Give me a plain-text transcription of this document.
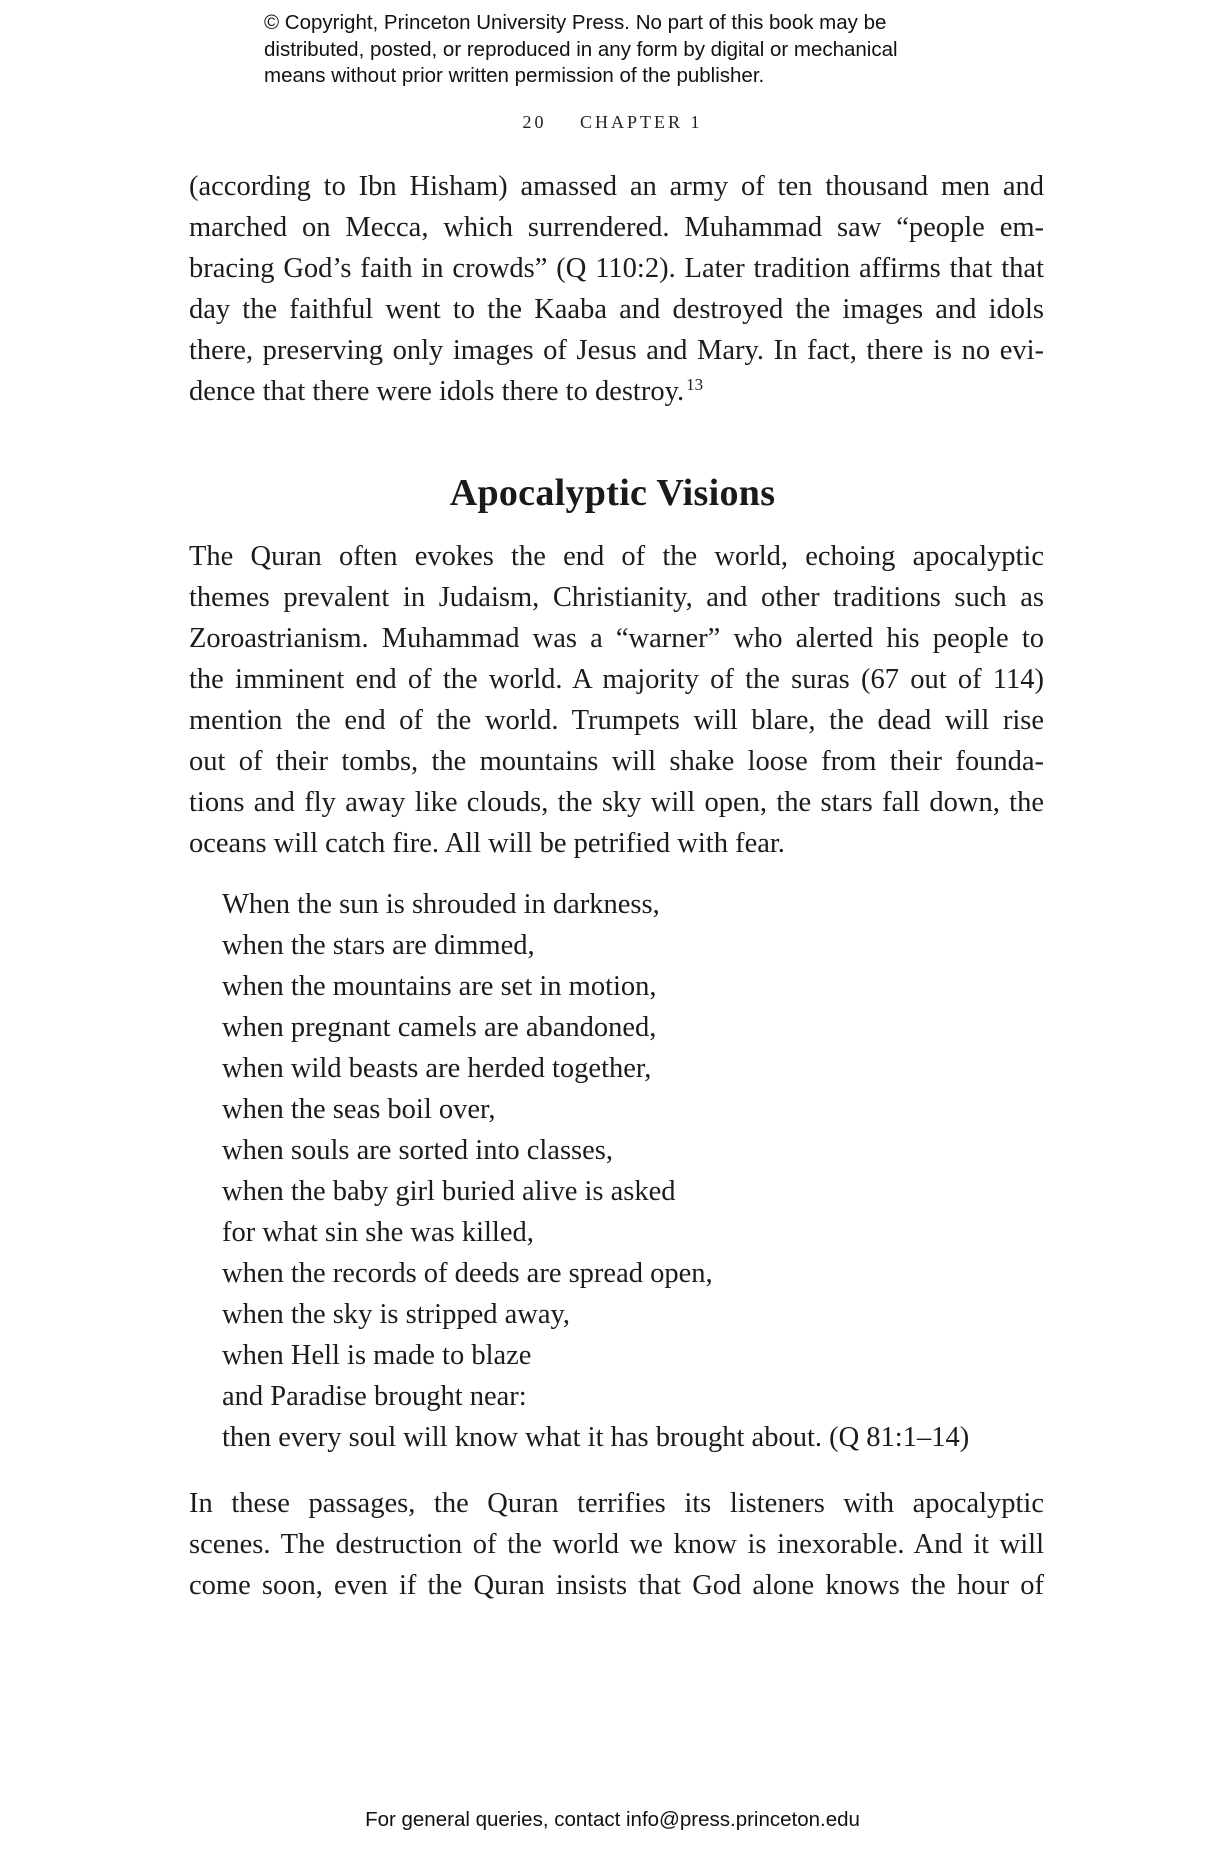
© Copyright, Princeton University Press. No part of this book may be
distributed, posted, or reproduced in any form by digital or mechanical
means without prior written permission of the publisher.
20 CHAPTER 1
(according to Ibn Hisham) amassed an army of ten thousand men and
marched on Mecca, which surrendered. Muhammad saw “people em-
bracing God’s faith in crowds” (Q 110:2). Later tradition affirms that that
day the faithful went to the Kaaba and destroyed the images and idols
there, preserving only images of Jesus and Mary. In fact, there is no evi-
dence that there were idols there to destroy. $^{13}$
Apocalyptic Visions
The Quran often evokes the end of the world, echoing apocalyptic
themes prevalent in Judaism, Christianity, and other traditions such as
Zoroastrianism. Muhammad was a “warner” who alerted his people to
the imminent end of the world. A majority of the suras (67 out of 114)
mention the end of the world. Trumpets will blare, the dead will rise
out of their tombs, the mountains will shake loose from their founda-
tions and fly away like clouds, the sky will open, the stars fall down, the
oceans will catch fire. All will be petrified with fear.
When the sun is shrouded in darkness,
when the stars are dimmed,
when the mountains are set in motion,
when pregnant camels are abandoned,
when wild beasts are herded together,
when the seas boil over,
when souls are sorted into classes,
when the baby girl buried alive is asked
for what sin she was killed,
when the records of deeds are spread open,
when the sky is stripped away,
when Hell is made to blaze
and Paradise brought near:
then every soul will know what it has brought about. (Q 81:1–14)
In these passages, the Quran terrifies its listeners with apocalyptic
scenes. The destruction of the world we know is inexorable. And it will
come soon, even if the Quran insists that God alone knows the hour of
For general queries, contact info@press.princeton.edu
